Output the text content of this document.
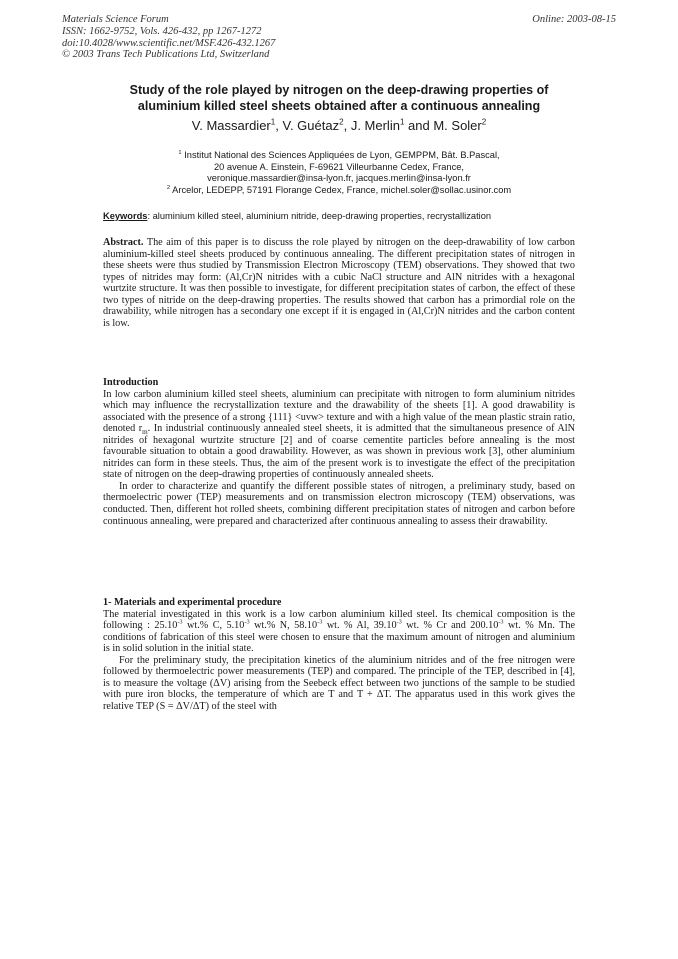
Materials Science Forum
ISSN: 1662-9752, Vols. 426-432, pp 1267-1272
doi:10.4028/www.scientific.net/MSF.426-432.1267
© 2003 Trans Tech Publications Ltd, Switzerland
Online: 2003-08-15
Study of the role played by nitrogen on the deep-drawing properties of
aluminium killed steel sheets obtained after a continuous annealing
V. Massardier$^1$, V. Guétaz$^2$, J. Merlin$^1$ and M. Soler$^2$
$^1$ Institut National des Sciences Appliquées de Lyon, GEMPPM, Bât. B.Pascal,
20 avenue A. Einstein, F-69621 Villeurbanne Cedex, France,
veronique.massardier@insa-lyon.fr, jacques.merlin@insa-lyon.fr
$^2$ Arcelor, LEDEPP, 57191 Florange Cedex, France, michel.soler@sollac.usinor.com
Keywords: aluminium killed steel, aluminium nitride, deep-drawing properties, recrystallization

Abstract. The aim of this paper is to discuss the role played by nitrogen on the deep-drawability of low carbon aluminium-killed steel sheets produced by continuous annealing. The different precipitation states of nitrogen in these sheets were thus studied by Transmission Electron Microscopy (TEM) observations. They showed that two types of nitrides may form: (Al,Cr)N nitrides with a cubic NaCl structure and AlN nitrides with a hexagonal wurtzite structure. It was then possible to investigate, for different precipitation states of carbon, the effect of these two types of nitride on the deep-drawing properties. The results showed that carbon has a primordial role on the drawability, while nitrogen has a secondary one except if it is engaged in (Al,Cr)N nitrides and the carbon content is low.

Introduction

In low carbon aluminium killed steel sheets, aluminium can precipitate with nitrogen to form aluminium nitrides which may influence the recrystallization texture and the drawability of the sheets [1]. A good drawability is associated with the presence of a strong {111} <uvw> texture and with a high value of the mean plastic strain ratio, denoted $r_m$. In industrial continuously annealed steel sheets, it is admitted that the simultaneous presence of AlN nitrides of hexagonal wurtzite structure [2] and of coarse cementite particles before annealing is the most favourable situation to obtain a good drawability. However, as was shown in previous work [3], other aluminium nitrides can form in these steels. Thus, the aim of the present work is to investigate the effect of the precipitation state of nitrogen on the deep-drawing properties of continuously annealed sheets.

In order to characterize and quantify the different possible states of nitrogen, a preliminary study, based on thermoelectric power (TEP) measurements and on transmission electron microscopy (TEM) observations, was conducted. Then, different hot rolled sheets, combining different precipitation states of nitrogen and carbon before continuous annealing, were prepared and characterized after continuous annealing to assess their drawability.

1- Materials and experimental procedure

The material investigated in this work is a low carbon aluminium killed steel. Its chemical composition is the following : $25.10^{-3}$ wt.% C, $5.10^{-3}$ wt.% N, $58.10^{-3}$ wt. % Al, $39.10^{-3}$ wt. % Cr and $200.10^{-3}$ wt. % Mn. The conditions of fabrication of this steel were chosen to ensure that the maximum amount of nitrogen and aluminium is in solid solution in the initial state.

For the preliminary study, the precipitation kinetics of the aluminium nitrides and of the free nitrogen were followed by thermoelectric power measurements (TEP) and compared. The principle of the TEP, described in [4], is to measure the voltage (ΔV) arising from the Seebeck effect between two junctions of the sample to be studied with pure iron blocks, the temperature of which are T and T + ΔT. The apparatus used in this work gives the relative TEP (S = ΔV/ΔT) of the steel with
